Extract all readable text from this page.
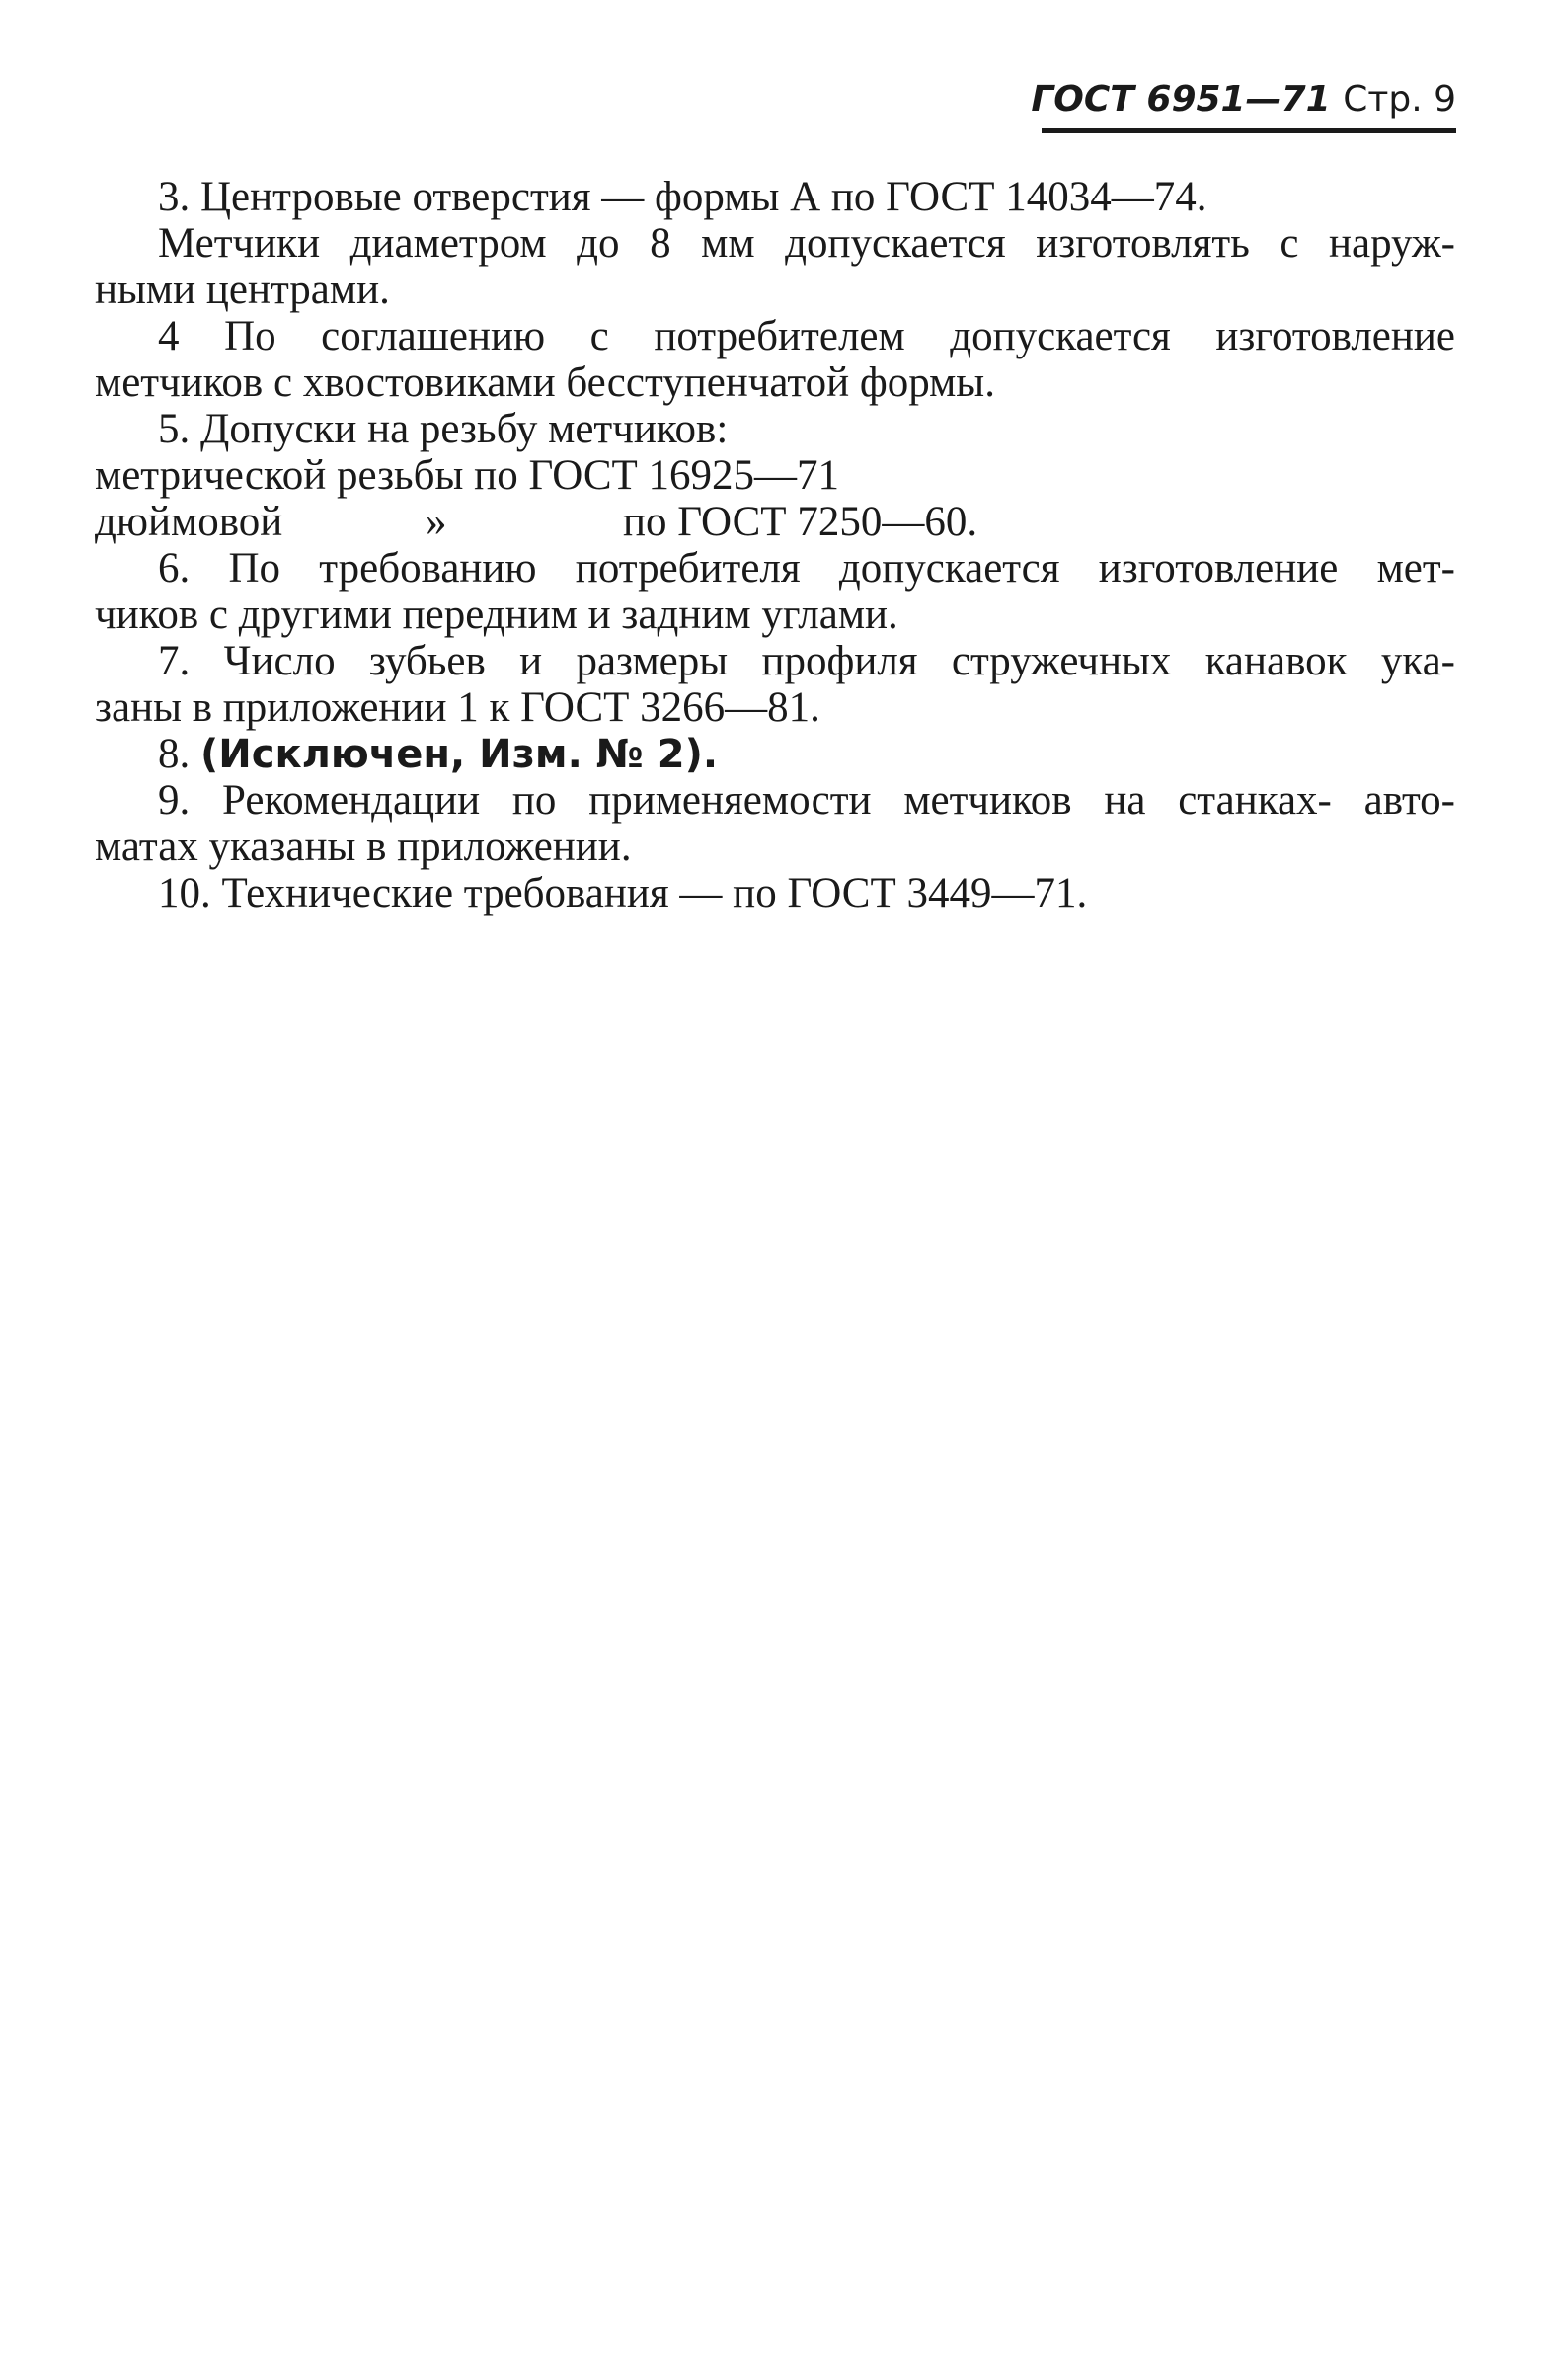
ГОСТ 6951—71 Стр. 9

3. Центровые отверстия — формы А по ГОСТ 14034—74.

Метчики диаметром до 8 мм допускается изготовлять с наруж-

ными центрами.

4 По соглашению с потребителем допускается изготовление

метчиков с хвостовиками бесступенчатой формы.

5. Допуски на резьбу метчиков:

метрической резьбы по ГОСТ 16925—71

дюймовой	»	по ГОСТ 7250—60.

6. По требованию потребителя допускается изготовление мет-

чиков с другими передним и задним углами.

7. Число зубьев и размеры профиля стружечных канавок ука-

заны в приложении 1 к ГОСТ 3266—81.

8. (Исключен, Изм. № 2).

9. Рекомендации по применяемости метчиков на станках- авто-

матах указаны в приложении.

10. Технические требования — по ГОСТ 3449—71.
